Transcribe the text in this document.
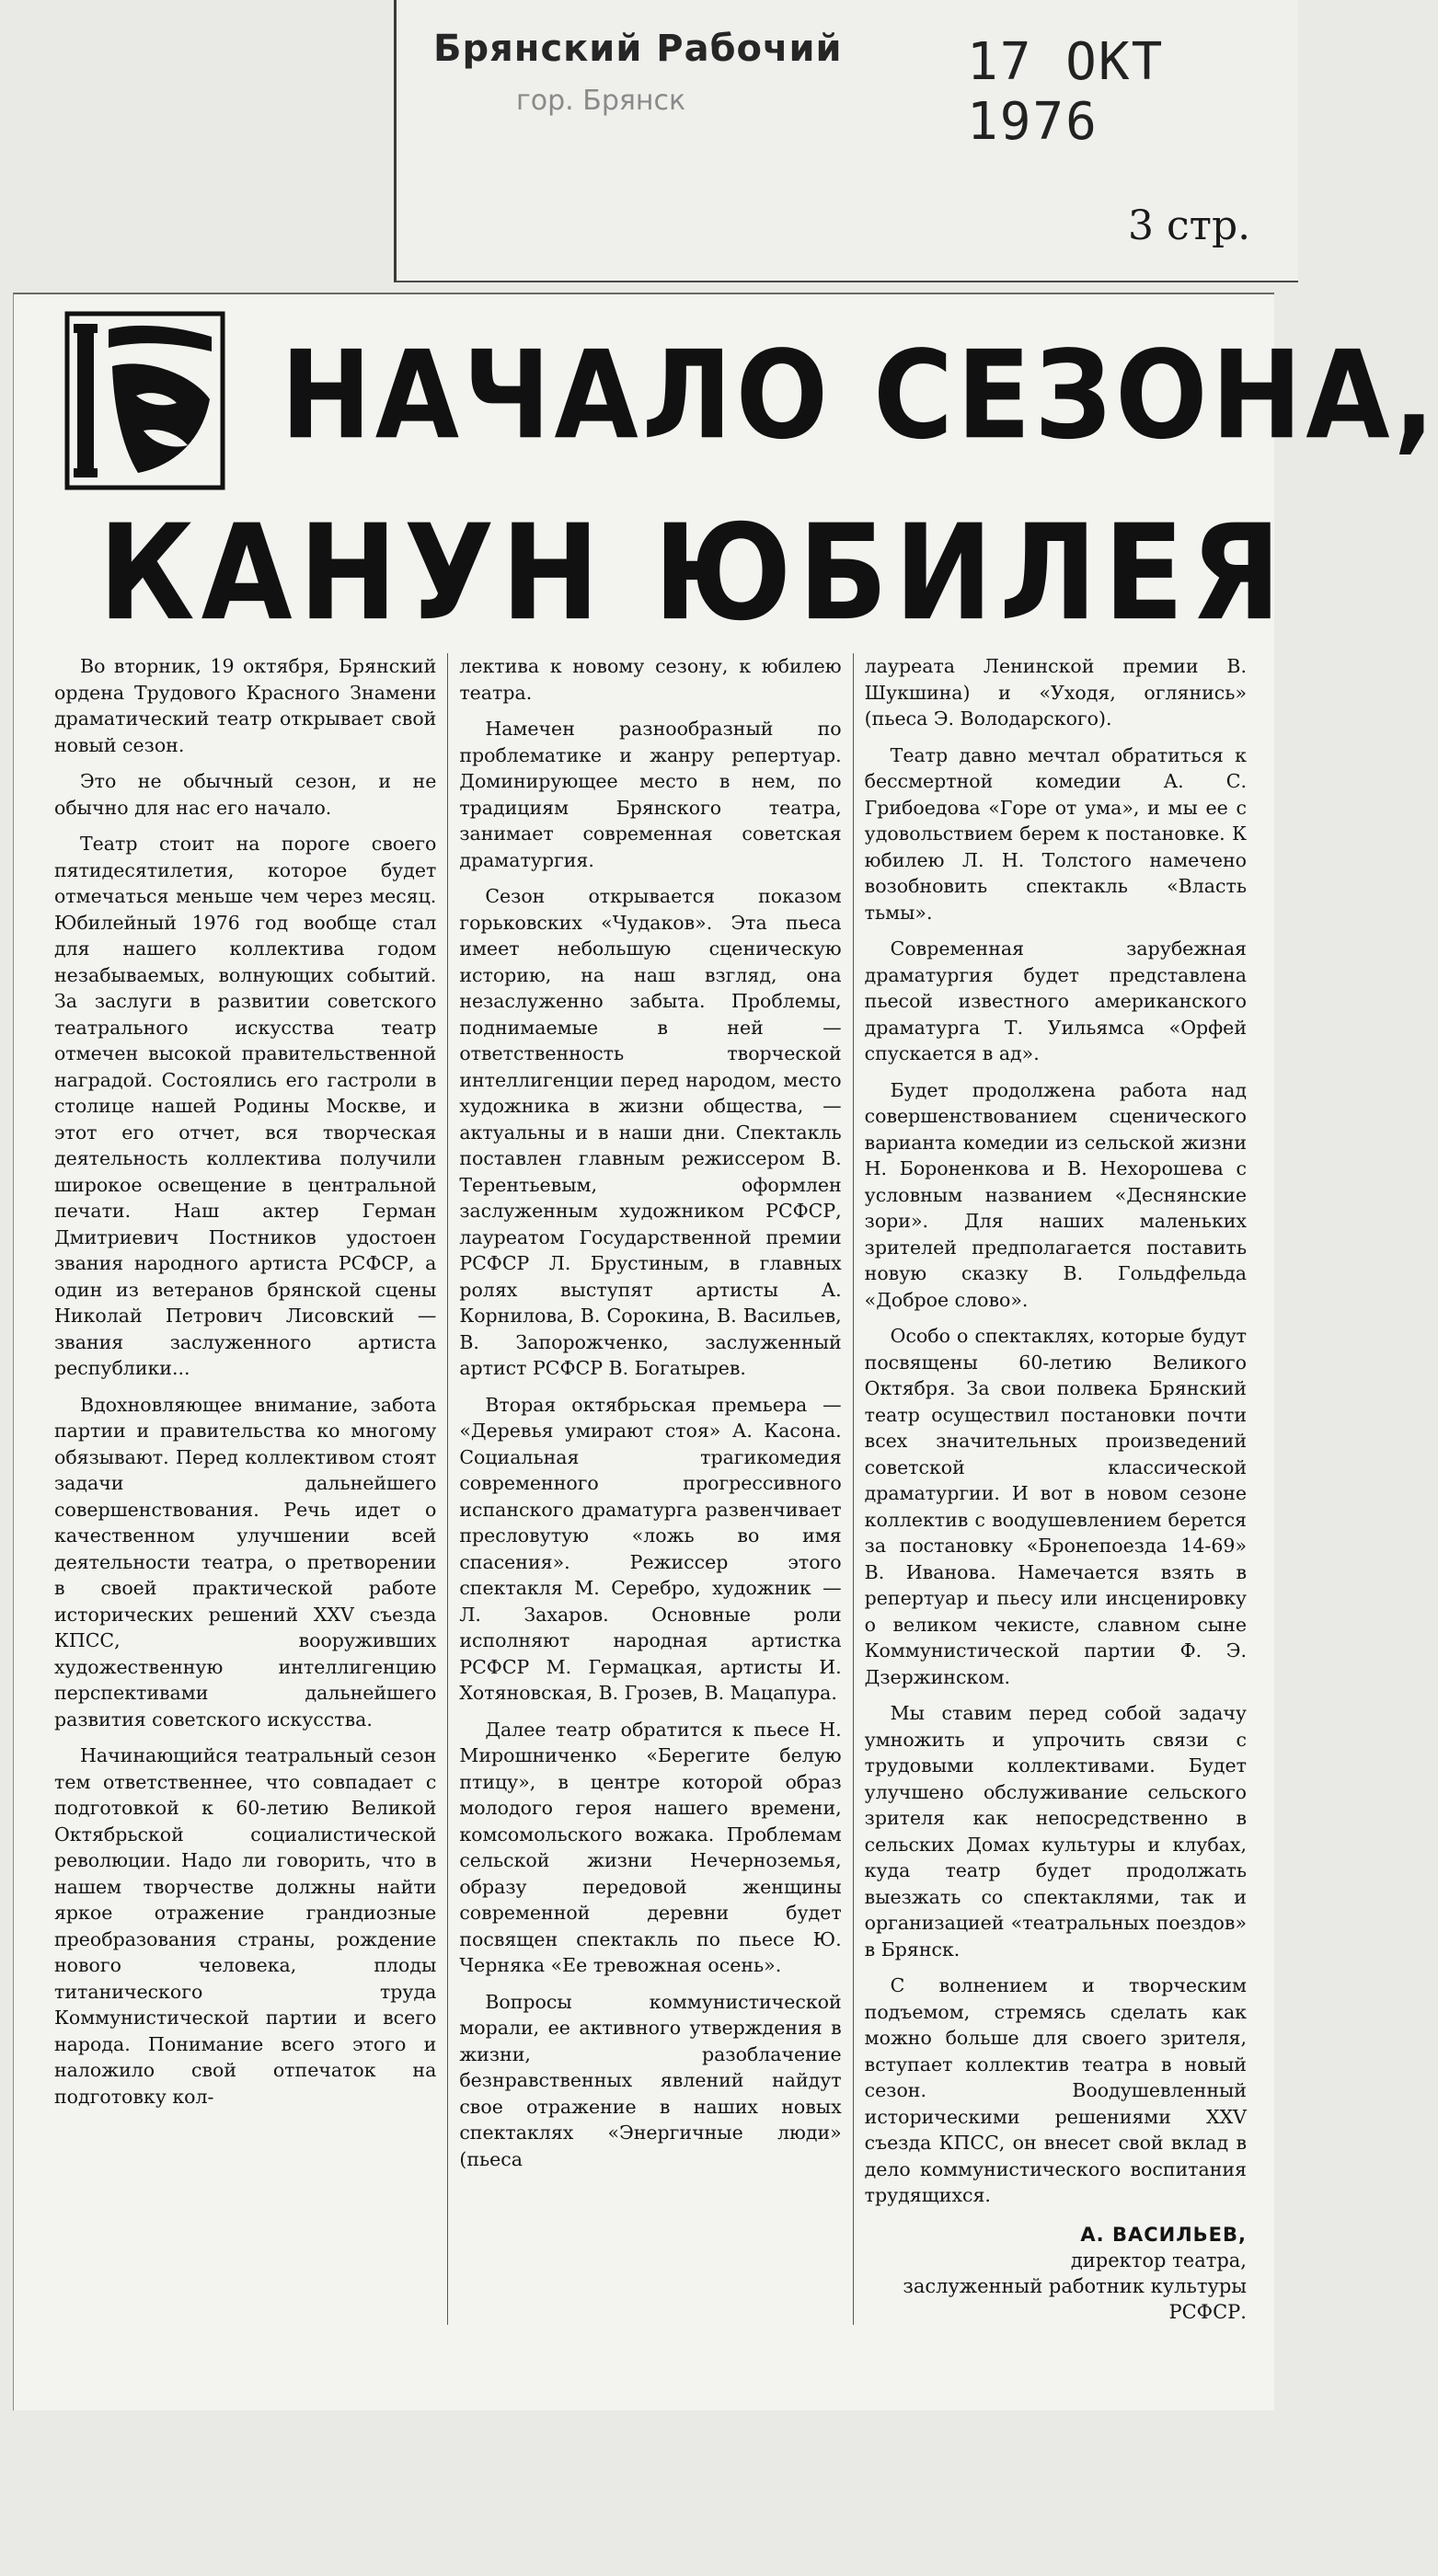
Брянский Рабочий
гор. Брянск
17 ОКТ 1976
3 стр.
НАЧАЛО СЕЗОНА,
КАНУН ЮБИЛЕЯ

Во вторник, 19 октября, Брянский ордена Трудового Красного Знамени драматический театр открывает свой новый сезон.

Это не обычный сезон, и не обычно для нас его начало.

Театр стоит на пороге своего пятидесятилетия, которое будет отмечаться меньше чем через месяц. Юбилейный 1976 год вообще стал для нашего коллектива годом незабываемых, волнующих событий. За заслуги в развитии советского театрального искусства театр отмечен высокой правительственной наградой. Состоялись его гастроли в столице нашей Родины Москве, и этот его отчет, вся творческая деятельность коллектива получили широкое освещение в центральной печати. Наш актер Герман Дмитриевич Постников удостоен звания народного артиста РСФСР, а один из ветеранов брянской сцены Николай Петрович Лисовский — звания заслуженного артиста республики...

Вдохновляющее внимание, забота партии и правительства ко многому обязывают. Перед коллективом стоят задачи дальнейшего совершенствования. Речь идет о качественном улучшении всей деятельности театра, о претворении в своей практической работе исторических решений XXV съезда КПСС, вооруживших художественную интеллигенцию перспективами дальнейшего развития советского искусства.

Начинающийся театральный сезон тем ответственнее, что совпадает с подготовкой к 60-летию Великой Октябрьской социалистической революции. Надо ли говорить, что в нашем творчестве должны найти яркое отражение грандиозные преобразования страны, рождение нового человека, плоды титанического труда Коммунистической партии и всего народа. Понимание всего этого и наложило свой отпечаток на подготовку кол-

лектива к новому сезону, к юбилею театра.

Намечен разнообразный по проблематике и жанру репертуар. Доминирующее место в нем, по традициям Брянского театра, занимает современная советская драматургия.

Сезон открывается показом горьковских «Чудаков». Эта пьеса имеет небольшую сценическую историю, на наш взгляд, она незаслуженно забыта. Проблемы, поднимаемые в ней — ответственность творческой интеллигенции перед народом, место художника в жизни общества, — актуальны и в наши дни. Спектакль поставлен главным режиссером В. Терентьевым, оформлен заслуженным художником РСФСР, лауреатом Государственной премии РСФСР Л. Брустиным, в главных ролях выступят артисты А. Корнилова, В. Сорокина, В. Васильев, В. Запорожченко, заслуженный артист РСФСР В. Богатырев.

Вторая октябрьская премьера — «Деревья умирают стоя» А. Касона. Социальная трагикомедия современного прогрессивного испанского драматурга развенчивает пресловутую «ложь во имя спасения». Режиссер этого спектакля М. Серебро, художник — Л. Захаров. Основные роли исполняют народная артистка РСФСР М. Гермацкая, артисты И. Хотяновская, В. Грозев, В. Мацапура.

Далее театр обратится к пьесе Н. Мирошниченко «Берегите белую птицу», в центре которой образ молодого героя нашего времени, комсомольского вожака. Проблемам сельской жизни Нечерноземья, образу передовой женщины современной деревни будет посвящен спектакль по пьесе Ю. Черняка «Ее тревожная осень».

Вопросы коммунистической морали, ее активного утверждения в жизни, разоблачение безнравственных явлений найдут свое отражение в наших новых спектаклях «Энергичные люди» (пьеса

лауреата Ленинской премии В. Шукшина) и «Уходя, оглянись» (пьеса Э. Володарского).

Театр давно мечтал обратиться к бессмертной комедии А. С. Грибоедова «Горе от ума», и мы ее с удовольствием берем к постановке. К юбилею Л. Н. Толстого намечено возобновить спектакль «Власть тьмы».

Современная зарубежная драматургия будет представлена пьесой известного американского драматурга Т. Уильямса «Орфей спускается в ад».

Будет продолжена работа над совершенствованием сценического варианта комедии из сельской жизни Н. Бороненкова и В. Нехорошева с условным названием «Деснянские зори». Для наших маленьких зрителей предполагается поставить новую сказку В. Гольдфельда «Доброе слово».

Особо о спектаклях, которые будут посвящены 60-летию Великого Октября. За свои полвека Брянский театр осуществил постановки почти всех значительных произведений советской классической драматургии. И вот в новом сезоне коллектив с воодушевлением берется за постановку «Бронепоезда 14-69» В. Иванова. Намечается взять в репертуар и пьесу или инсценировку о великом чекисте, славном сыне Коммунистической партии Ф. Э. Дзержинском.

Мы ставим перед собой задачу умножить и упрочить связи с трудовыми коллективами. Будет улучшено обслуживание сельского зрителя как непосредственно в сельских Домах культуры и клубах, куда театр будет продолжать выезжать со спектаклями, так и организацией «театральных поездов» в Брянск.

С волнением и творческим подъемом, стремясь сделать как можно больше для своего зрителя, вступает коллектив театра в новый сезон. Воодушевленный историческими решениями XXV съезда КПСС, он внесет свой вклад в дело коммунистического воспитания трудящихся.

А. ВАСИЛЬЕВ,
директор театра,
заслуженный работник культуры РСФСР.
